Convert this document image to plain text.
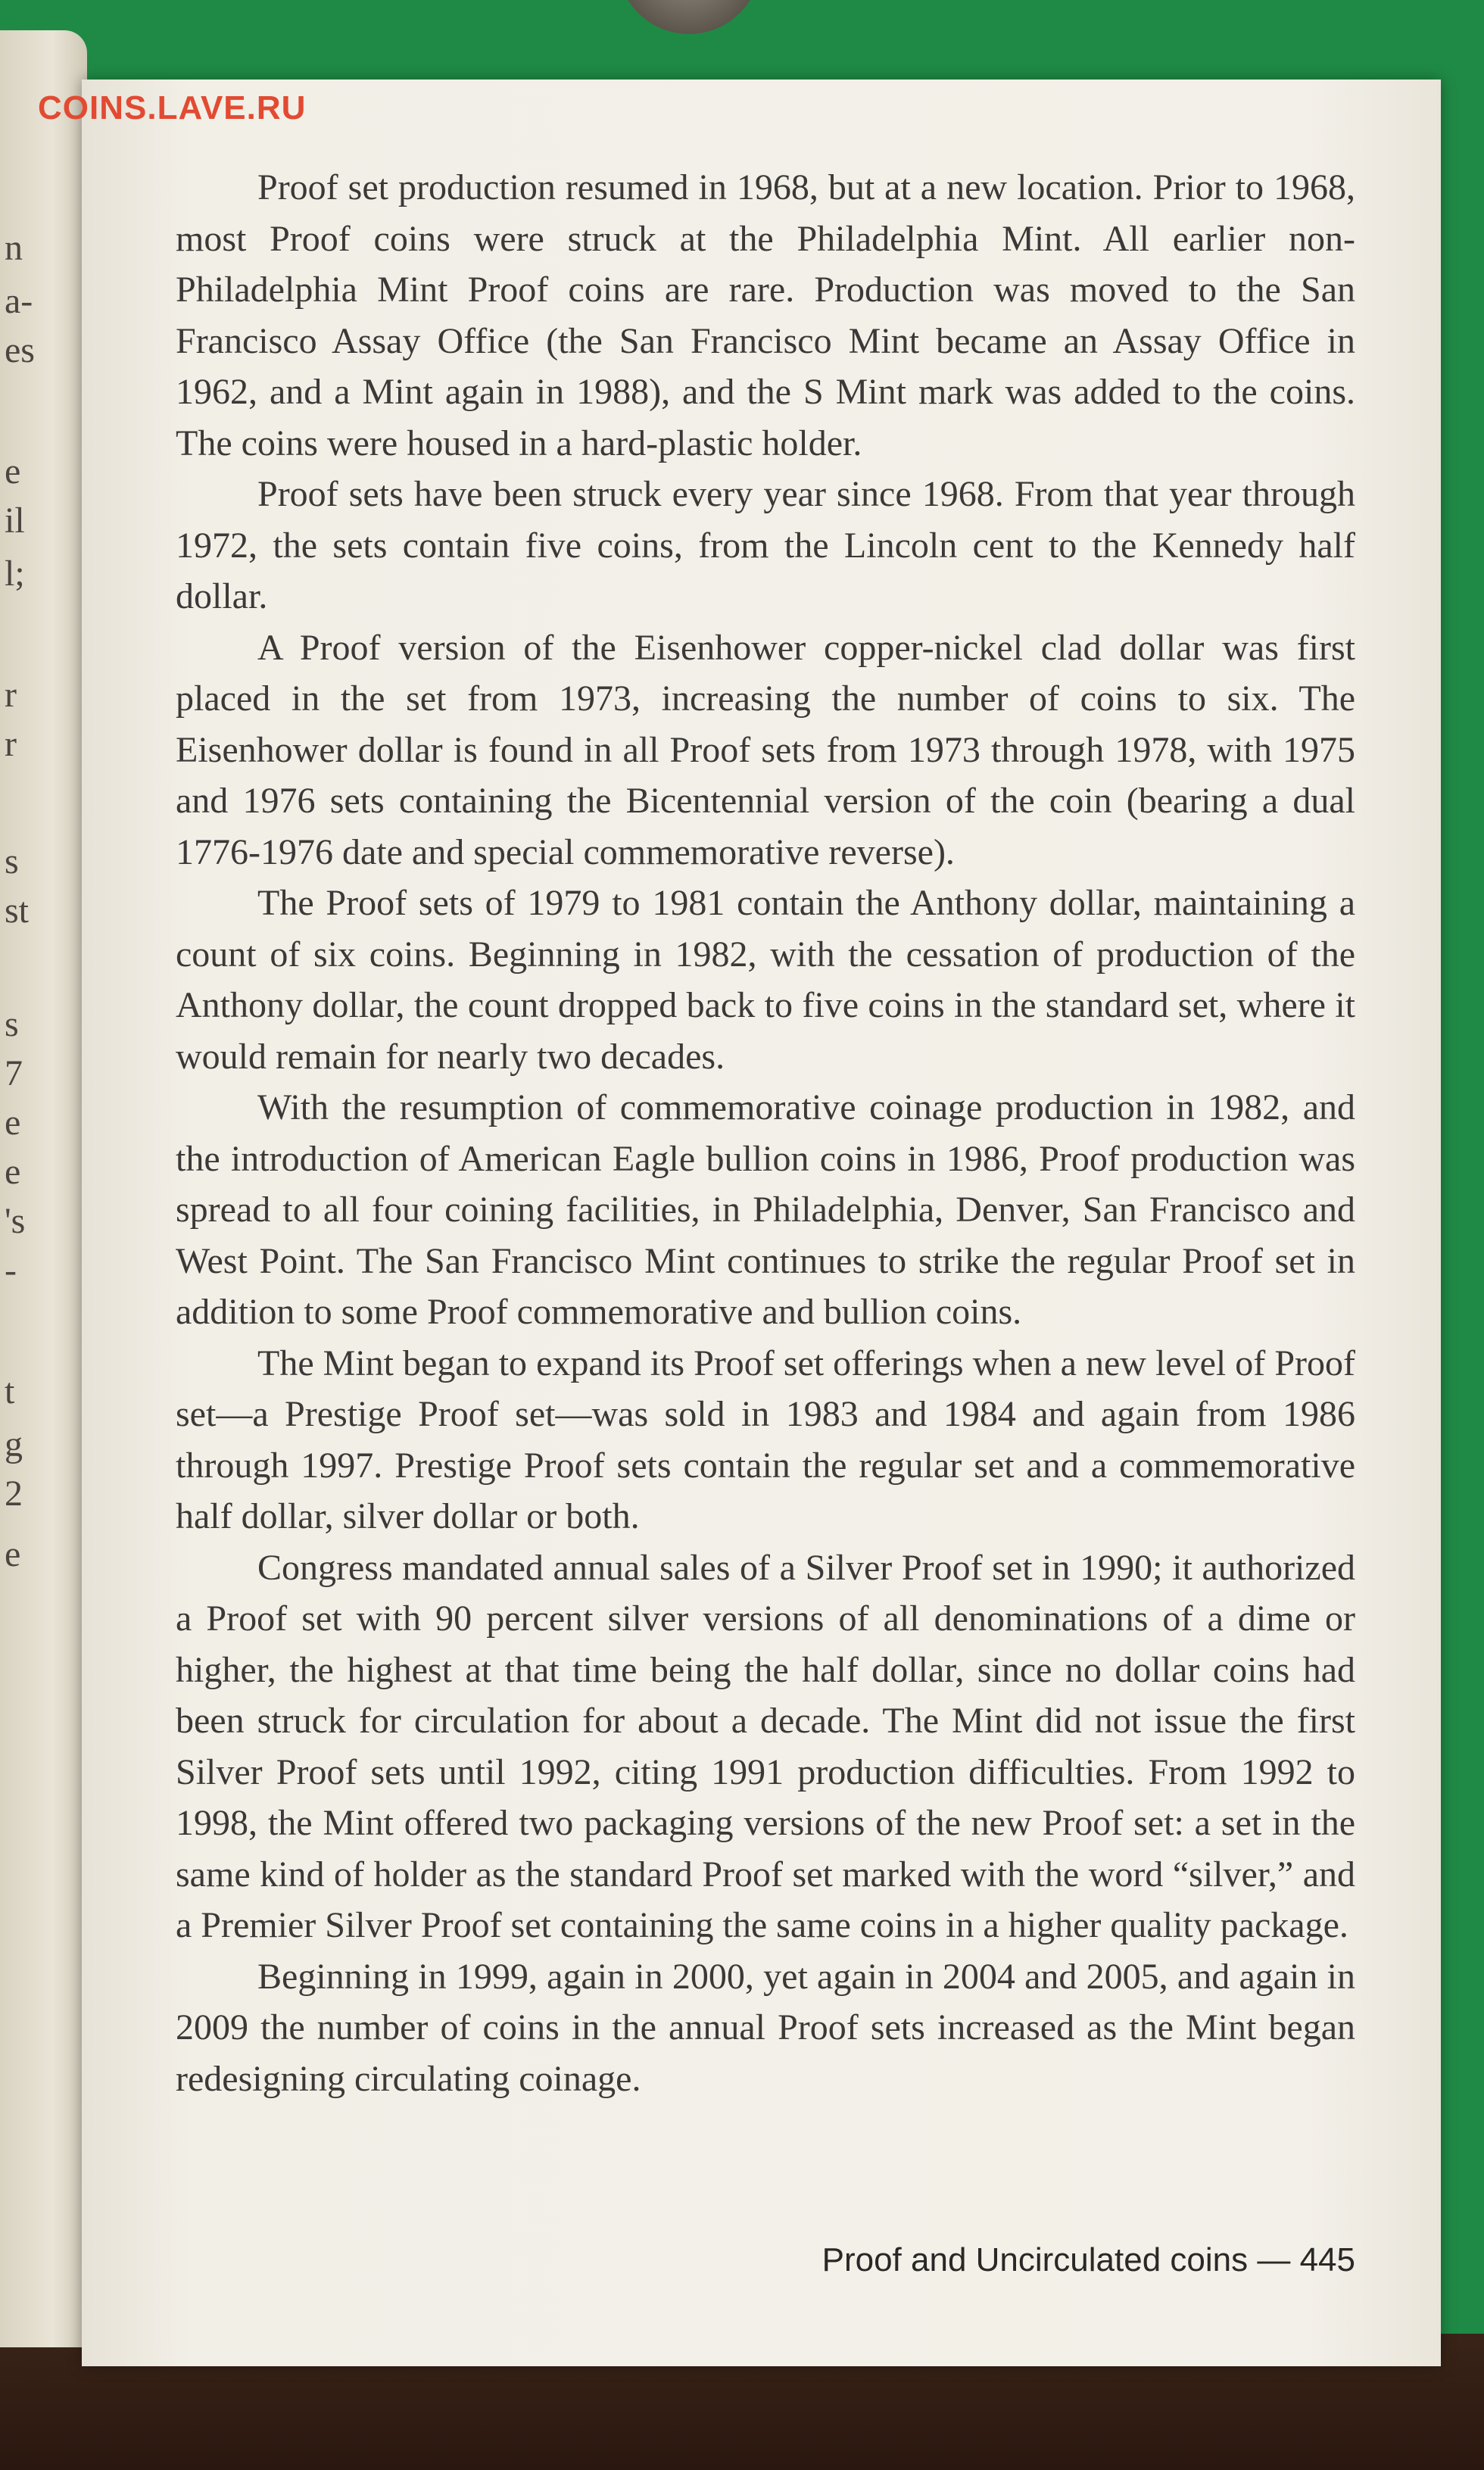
n
a-
es
e
il
l;
r
r
s
st
s
7
e
e
's
-
t
g
2
e
COINS.LAVE.RU

Proof set production resumed in 1968, but at a new location. Prior to 1968, most Proof coins were struck at the Philadelphia Mint. All earlier non-Philadelphia Mint Proof coins are rare. Production was moved to the San Francisco Assay Office (the San Francisco Mint became an Assay Office in 1962, and a Mint again in 1988), and the S Mint mark was added to the coins. The coins were housed in a hard-plastic holder.

Proof sets have been struck every year since 1968. From that year through 1972, the sets contain five coins, from the Lincoln cent to the Kennedy half dollar.

A Proof version of the Eisenhower copper-nickel clad dollar was first placed in the set from 1973, increasing the number of coins to six. The Eisenhower dollar is found in all Proof sets from 1973 through 1978, with 1975 and 1976 sets containing the Bicentennial version of the coin (bearing a dual 1776-1976 date and special commemorative reverse).

The Proof sets of 1979 to 1981 contain the Anthony dollar, maintaining a count of six coins. Beginning in 1982, with the cessation of production of the Anthony dollar, the count dropped back to five coins in the standard set, where it would remain for nearly two decades.

With the resumption of commemorative coinage production in 1982, and the introduction of American Eagle bullion coins in 1986, Proof production was spread to all four coining facilities, in Philadelphia, Denver, San Francisco and West Point. The San Francisco Mint continues to strike the regular Proof set in addition to some Proof commemorative and bullion coins.

The Mint began to expand its Proof set offerings when a new level of Proof set—a Prestige Proof set—was sold in 1983 and 1984 and again from 1986 through 1997. Prestige Proof sets contain the regular set and a commemorative half dollar, silver dollar or both.

Congress mandated annual sales of a Silver Proof set in 1990; it authorized a Proof set with 90 percent silver versions of all denominations of a dime or higher, the highest at that time being the half dollar, since no dollar coins had been struck for circulation for about a decade. The Mint did not issue the first Silver Proof sets until 1992, citing 1991 production difficulties. From 1992 to 1998, the Mint offered two packaging versions of the new Proof set: a set in the same kind of holder as the standard Proof set marked with the word “silver,” and a Premier Silver Proof set containing the same coins in a higher quality package.

Beginning in 1999, again in 2000, yet again in 2004 and 2005, and again in 2009 the number of coins in the annual Proof sets increased as the Mint began redesigning circulating coinage.

Proof and Uncirculated coins — 445
